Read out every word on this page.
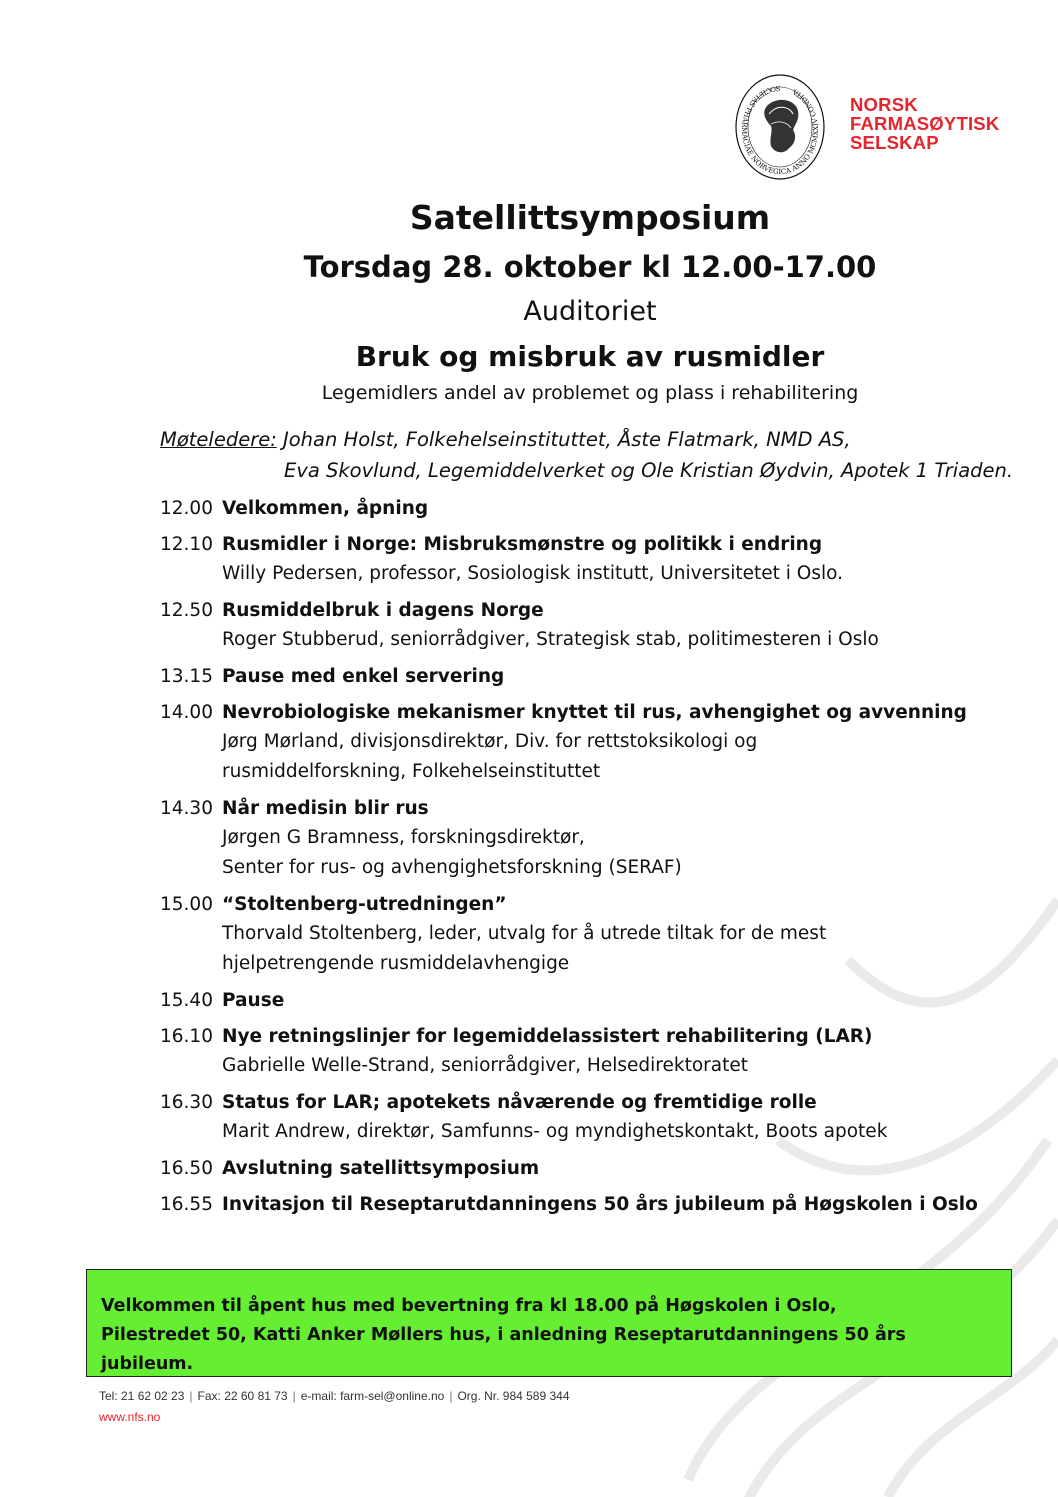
SOCIETAS PHARMACIAE NORVEGICA ANNO MCMXXIV CONDITA
NORSK
FARMASØYTISK
SELSKAP
Satellittsymposium
Torsdag 28. oktober kl 12.00-17.00
Auditoriet
Bruk og misbruk av rusmidler
Legemidlers andel av problemet og plass i rehabilitering
Møteledere: Johan Holst, Folkehelseinstituttet, Åste Flatmark, NMD AS,
Eva Skovlund, Legemiddelverket og Ole Kristian Øydvin, Apotek 1 Triaden.
12.00 Velkommen, åpning
12.10 Rusmidler i Norge: Misbruksmønstre og politikk i endring
Willy Pedersen, professor, Sosiologisk institutt, Universitetet i Oslo.
12.50 Rusmiddelbruk i dagens Norge
Roger Stubberud, seniorrådgiver, Strategisk stab, politimesteren i Oslo
13.15 Pause med enkel servering
14.00 Nevrobiologiske mekanismer knyttet til rus, avhengighet og avvenning
Jørg Mørland, divisjonsdirektør, Div. for rettstoksikologi og
rusmiddelforskning, Folkehelseinstituttet
14.30 Når medisin blir rus
Jørgen G Bramness, forskningsdirektør,
Senter for rus- og avhengighetsforskning (SERAF)
15.00 “Stoltenberg-utredningen”
Thorvald Stoltenberg, leder, utvalg for å utrede tiltak for de mest
hjelpetrengende rusmiddelavhengige
15.40 Pause
16.10 Nye retningslinjer for legemiddelassistert rehabilitering (LAR)
Gabrielle Welle-Strand, seniorrådgiver, Helsedirektoratet
16.30 Status for LAR; apotekets nåværende og fremtidige rolle
Marit Andrew, direktør, Samfunns- og myndighetskontakt, Boots apotek
16.50 Avslutning satellittsymposium
16.55 Invitasjon til Reseptarutdanningens 50 års jubileum på Høgskolen i Oslo
Velkommen til åpent hus med bevertning fra kl 18.00 på Høgskolen i Oslo,
Pilestredet 50, Katti Anker Møllers hus, i anledning Reseptarutdanningens 50 års
jubileum.
Tel: 21 62 02 23 | Fax: 22 60 81 73 | e-mail: farm-sel@online.no | Org. Nr. 984 589 344
www.nfs.no
